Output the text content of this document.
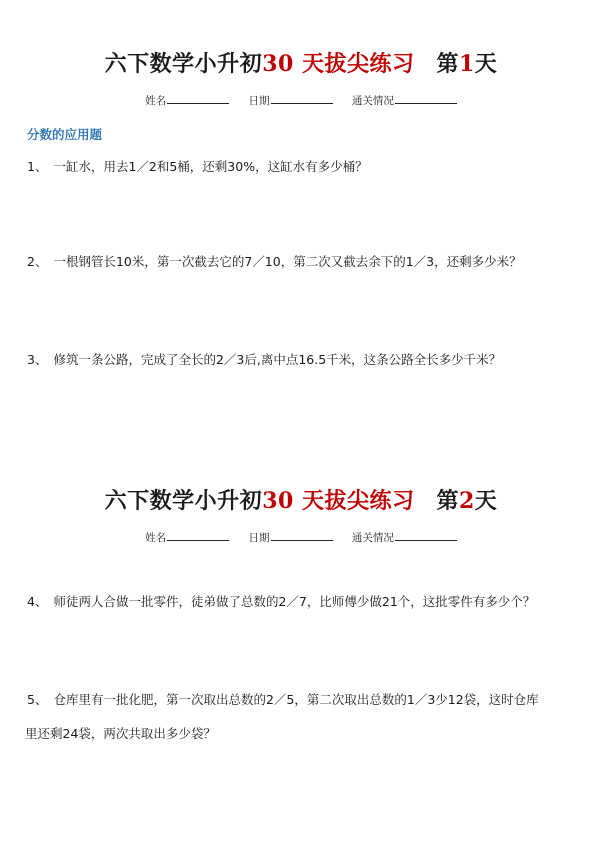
六下数学小升初30 天拔尖练习 第1天
姓名	日期	通关情况
分数的应用题
1、 一缸水，用去1／2和5桶，还剩30%，这缸水有多少桶？
2、 一根钢管长10米，第一次截去它的7／10，第二次又截去余下的1／3，还剩多少米？
3、 修筑一条公路，完成了全长的2／3后,离中点16.5千米，这条公路全长多少千米？
六下数学小升初30 天拔尖练习 第2天
姓名	日期	通关情况
4、 师徒两人合做一批零件，徒弟做了总数的2／7，比师傅少做21个，这批零件有多少个？
5、 仓库里有一批化肥，第一次取出总数的2／5，第二次取出总数的1／3少12袋，这时仓库
里还剩24袋，两次共取出多少袋？
